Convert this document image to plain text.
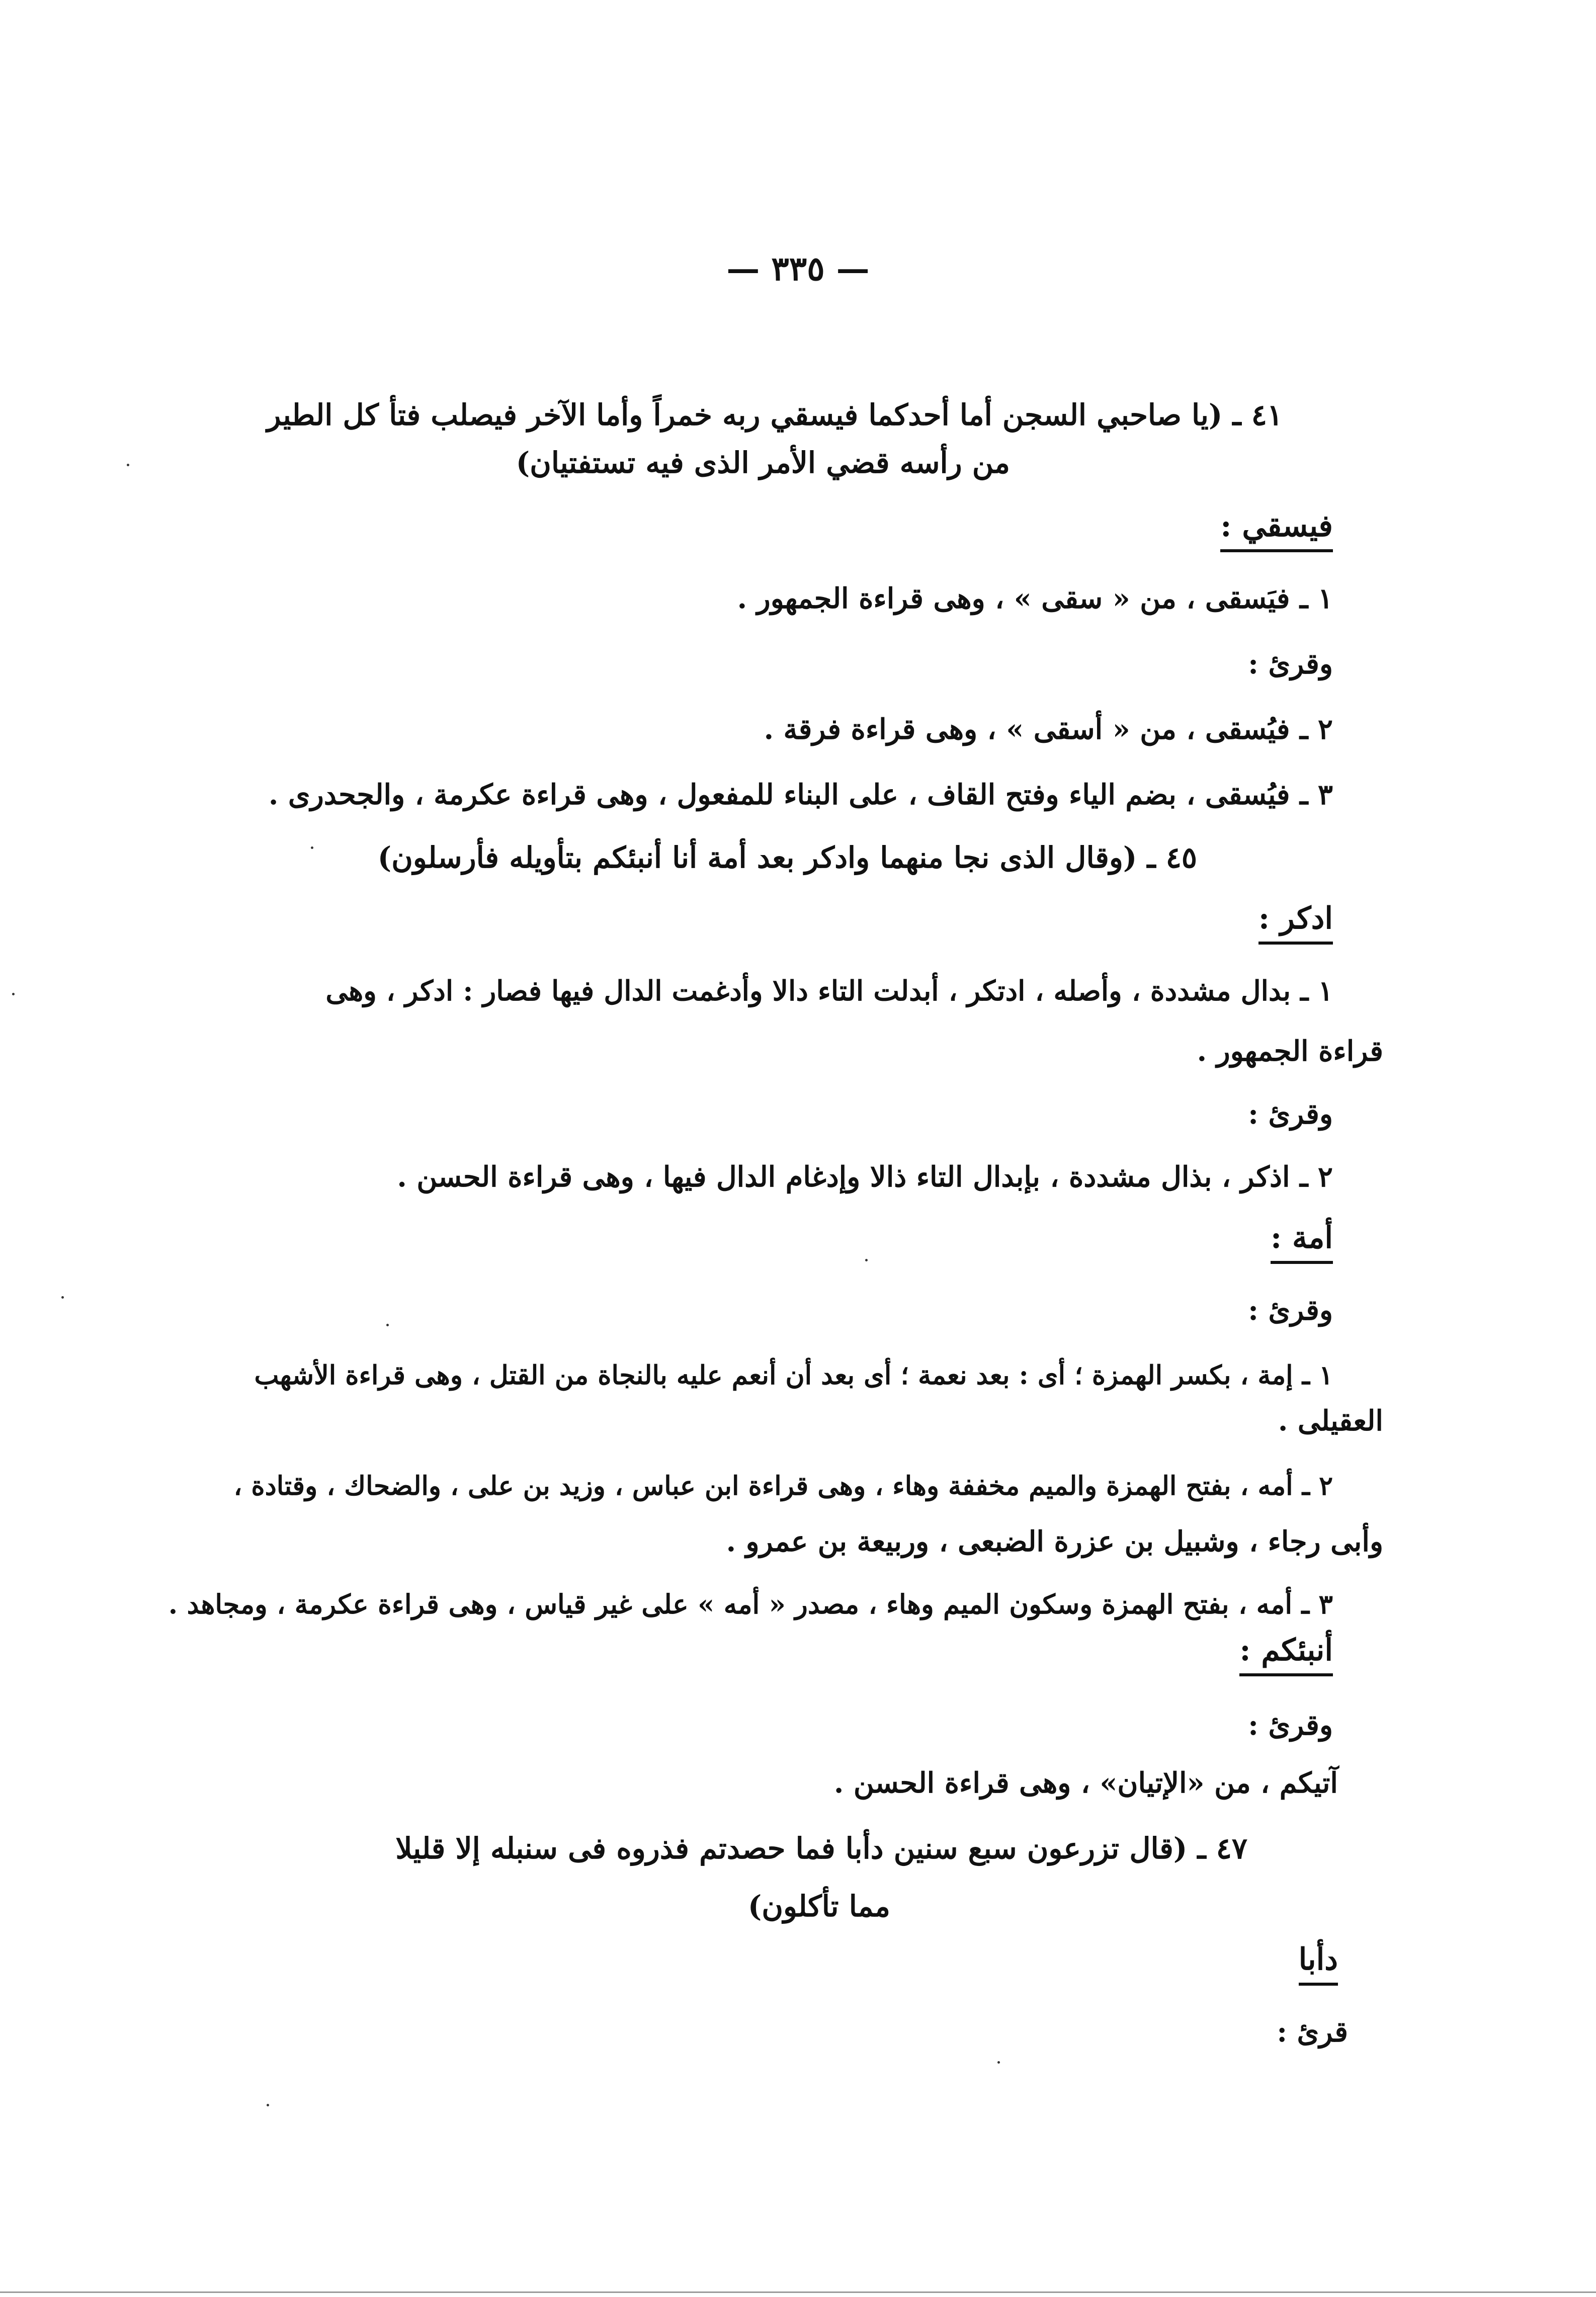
— ٣٣٥ —
٤١ ـ (يا صاحبي السجن أما أحدكما فيسقي ربه خمراً وأما الآخر فيصلب فتأ كل الطير
من رأسه قضي الأمر الذى فيه تستفتيان)
فيسقي :
١ ـ فيَسقى ، من « سقى » ، وهى قراءة الجمهور .
وقرئ :
٢ ـ فيُسقى ، من « أسقى » ، وهى قراءة فرقة .
٣ ـ فيُسقى ، بضم الياء وفتح القاف ، على البناء للمفعول ، وهى قراءة عكرمة ، والجحدرى .
٤٥ ـ (وقال الذى نجا منهما وادكر بعد أمة أنا أنبئكم بتأويله فأرسلون)
ادكر :
١ ـ بدال مشددة ، وأصله ، ادتكر ، أبدلت التاء دالا وأدغمت الدال فيها فصار : ادكر ، وهى
قراءة الجمهور .
وقرئ :
٢ ـ اذكر ، بذال مشددة ، بإبدال التاء ذالا وإدغام الدال فيها ، وهى قراءة الحسن .
أمة :
وقرئ :
١ ـ إمة ، بكسر الهمزة ؛ أى : بعد نعمة ؛ أى بعد أن أنعم عليه بالنجاة من القتل ، وهى قراءة الأشهب
العقيلى .
٢ ـ أمه ، بفتح الهمزة والميم مخففة وهاء ، وهى قراءة ابن عباس ، وزيد بن على ، والضحاك ، وقتادة ،
وأبى رجاء ، وشبيل بن عزرة الضبعى ، وربيعة بن عمرو .
٣ ـ أمه ، بفتح الهمزة وسكون الميم وهاء ، مصدر « أمه » على غير قياس ، وهى قراءة عكرمة ، ومجاهد .
أنبئكم :
وقرئ :
آتيكم ، من «الإتيان» ، وهى قراءة الحسن .
٤٧ ـ (قال تزرعون سبع سنين دأبا فما حصدتم فذروه فى سنبله إلا قليلا
مما تأكلون)
دأبا
قرئ :
